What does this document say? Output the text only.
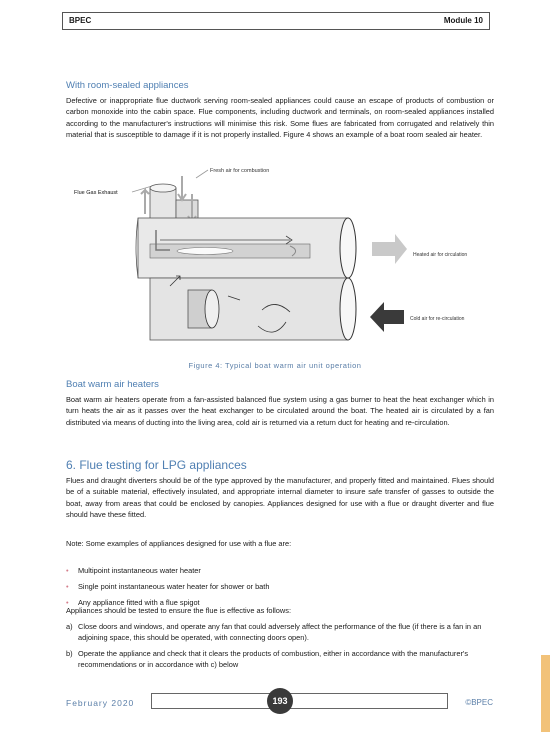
BPEC	Module 10
With room-sealed appliances

Defective or inappropriate flue ductwork serving room-sealed appliances could cause an escape of products of combustion or carbon monoxide into the cabin space. Flue components, including ductwork and terminals, on room-sealed appliances installed according to the manufacturer's instructions will minimise this risk. Some flues are fabricated from corrugated and relatively thin material that is susceptible to damage if it is not properly installed. Figure 4 shows an example of a boat room sealed air heater.

Fresh air for combustion
Flue Gas Exhaust
Heated air for circulation
Cold air for re-circulation
Figure 4: Typical boat warm air unit operation
Boat warm air heaters

Boat warm air heaters operate from a fan-assisted balanced flue system using a gas burner to heat the heat exchanger which in turn heats the air as it passes over the heat exchanger to be circulated around the boat. The heated air is circulated by a fan distributed via means of ducting into the living area, cold air is returned via a return duct for heating and re-circulation.

6. Flue testing for LPG appliances

Flues and draught diverters should be of the type approved by the manufacturer, and properly fitted and maintained. Flues should be of a suitable material, effectively insulated, and appropriate internal diameter to insure safe transfer of gasses to outside the boat, away from areas that could be enclosed by canopies. Appliances designed for use with a flue or draught diverter and flue should have these fitted.

Note: Some examples of appliances designed for use with a flue are:

• Multipoint instantaneous water heater
• Single point instantaneous water heater for shower or bath
• Any appliance fitted with a flue spigot

Appliances should be tested to ensure the flue is effective as follows:

a) Close doors and windows, and operate any fan that could adversely affect the performance of the flue (if there is a fan in an adjoining space, this should be operated, with connecting doors open).
b) Operate the appliance and check that it clears the products of combustion, either in accordance with the manufacturer's recommendations or in accordance with c) below
February 2020	193	©BPEC
